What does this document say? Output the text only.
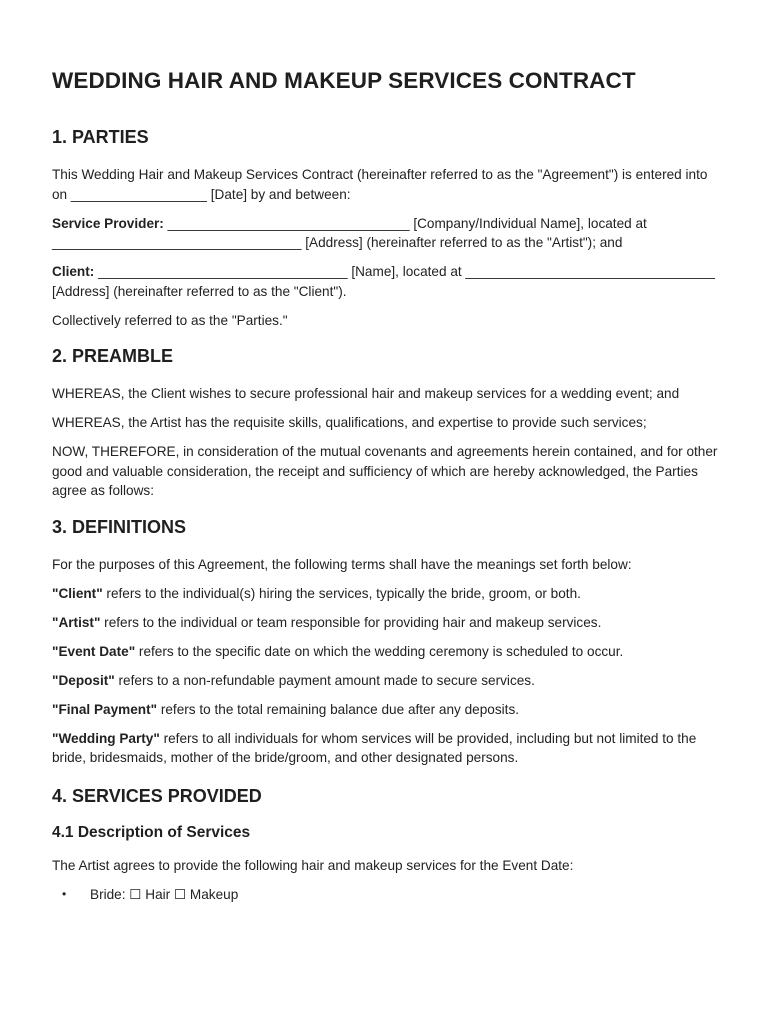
WEDDING HAIR AND MAKEUP SERVICES CONTRACT
1. PARTIES

This Wedding Hair and Makeup Services Contract (hereinafter referred to as the "Agreement") is entered into on __________________ [Date] by and between:

Service Provider: ________________________________ [Company/Individual Name], located at _________________________________ [Address] (hereinafter referred to as the "Artist"); and

Client: _________________________________ [Name], located at _________________________________ [Address] (hereinafter referred to as the "Client").

Collectively referred to as the "Parties."

2. PREAMBLE

WHEREAS, the Client wishes to secure professional hair and makeup services for a wedding event; and

WHEREAS, the Artist has the requisite skills, qualifications, and expertise to provide such services;

NOW, THEREFORE, in consideration of the mutual covenants and agreements herein contained, and for other good and valuable consideration, the receipt and sufficiency of which are hereby acknowledged, the Parties agree as follows:

3. DEFINITIONS

For the purposes of this Agreement, the following terms shall have the meanings set forth below:

"Client" refers to the individual(s) hiring the services, typically the bride, groom, or both.

"Artist" refers to the individual or team responsible for providing hair and makeup services.

"Event Date" refers to the specific date on which the wedding ceremony is scheduled to occur.

"Deposit" refers to a non-refundable payment amount made to secure services.

"Final Payment" refers to the total remaining balance due after any deposits.

"Wedding Party" refers to all individuals for whom services will be provided, including but not limited to the bride, bridesmaids, mother of the bride/groom, and other designated persons.

4. SERVICES PROVIDED
4.1 Description of Services

The Artist agrees to provide the following hair and makeup services for the Event Date:

• Bride: ☐ Hair ☐ Makeup
